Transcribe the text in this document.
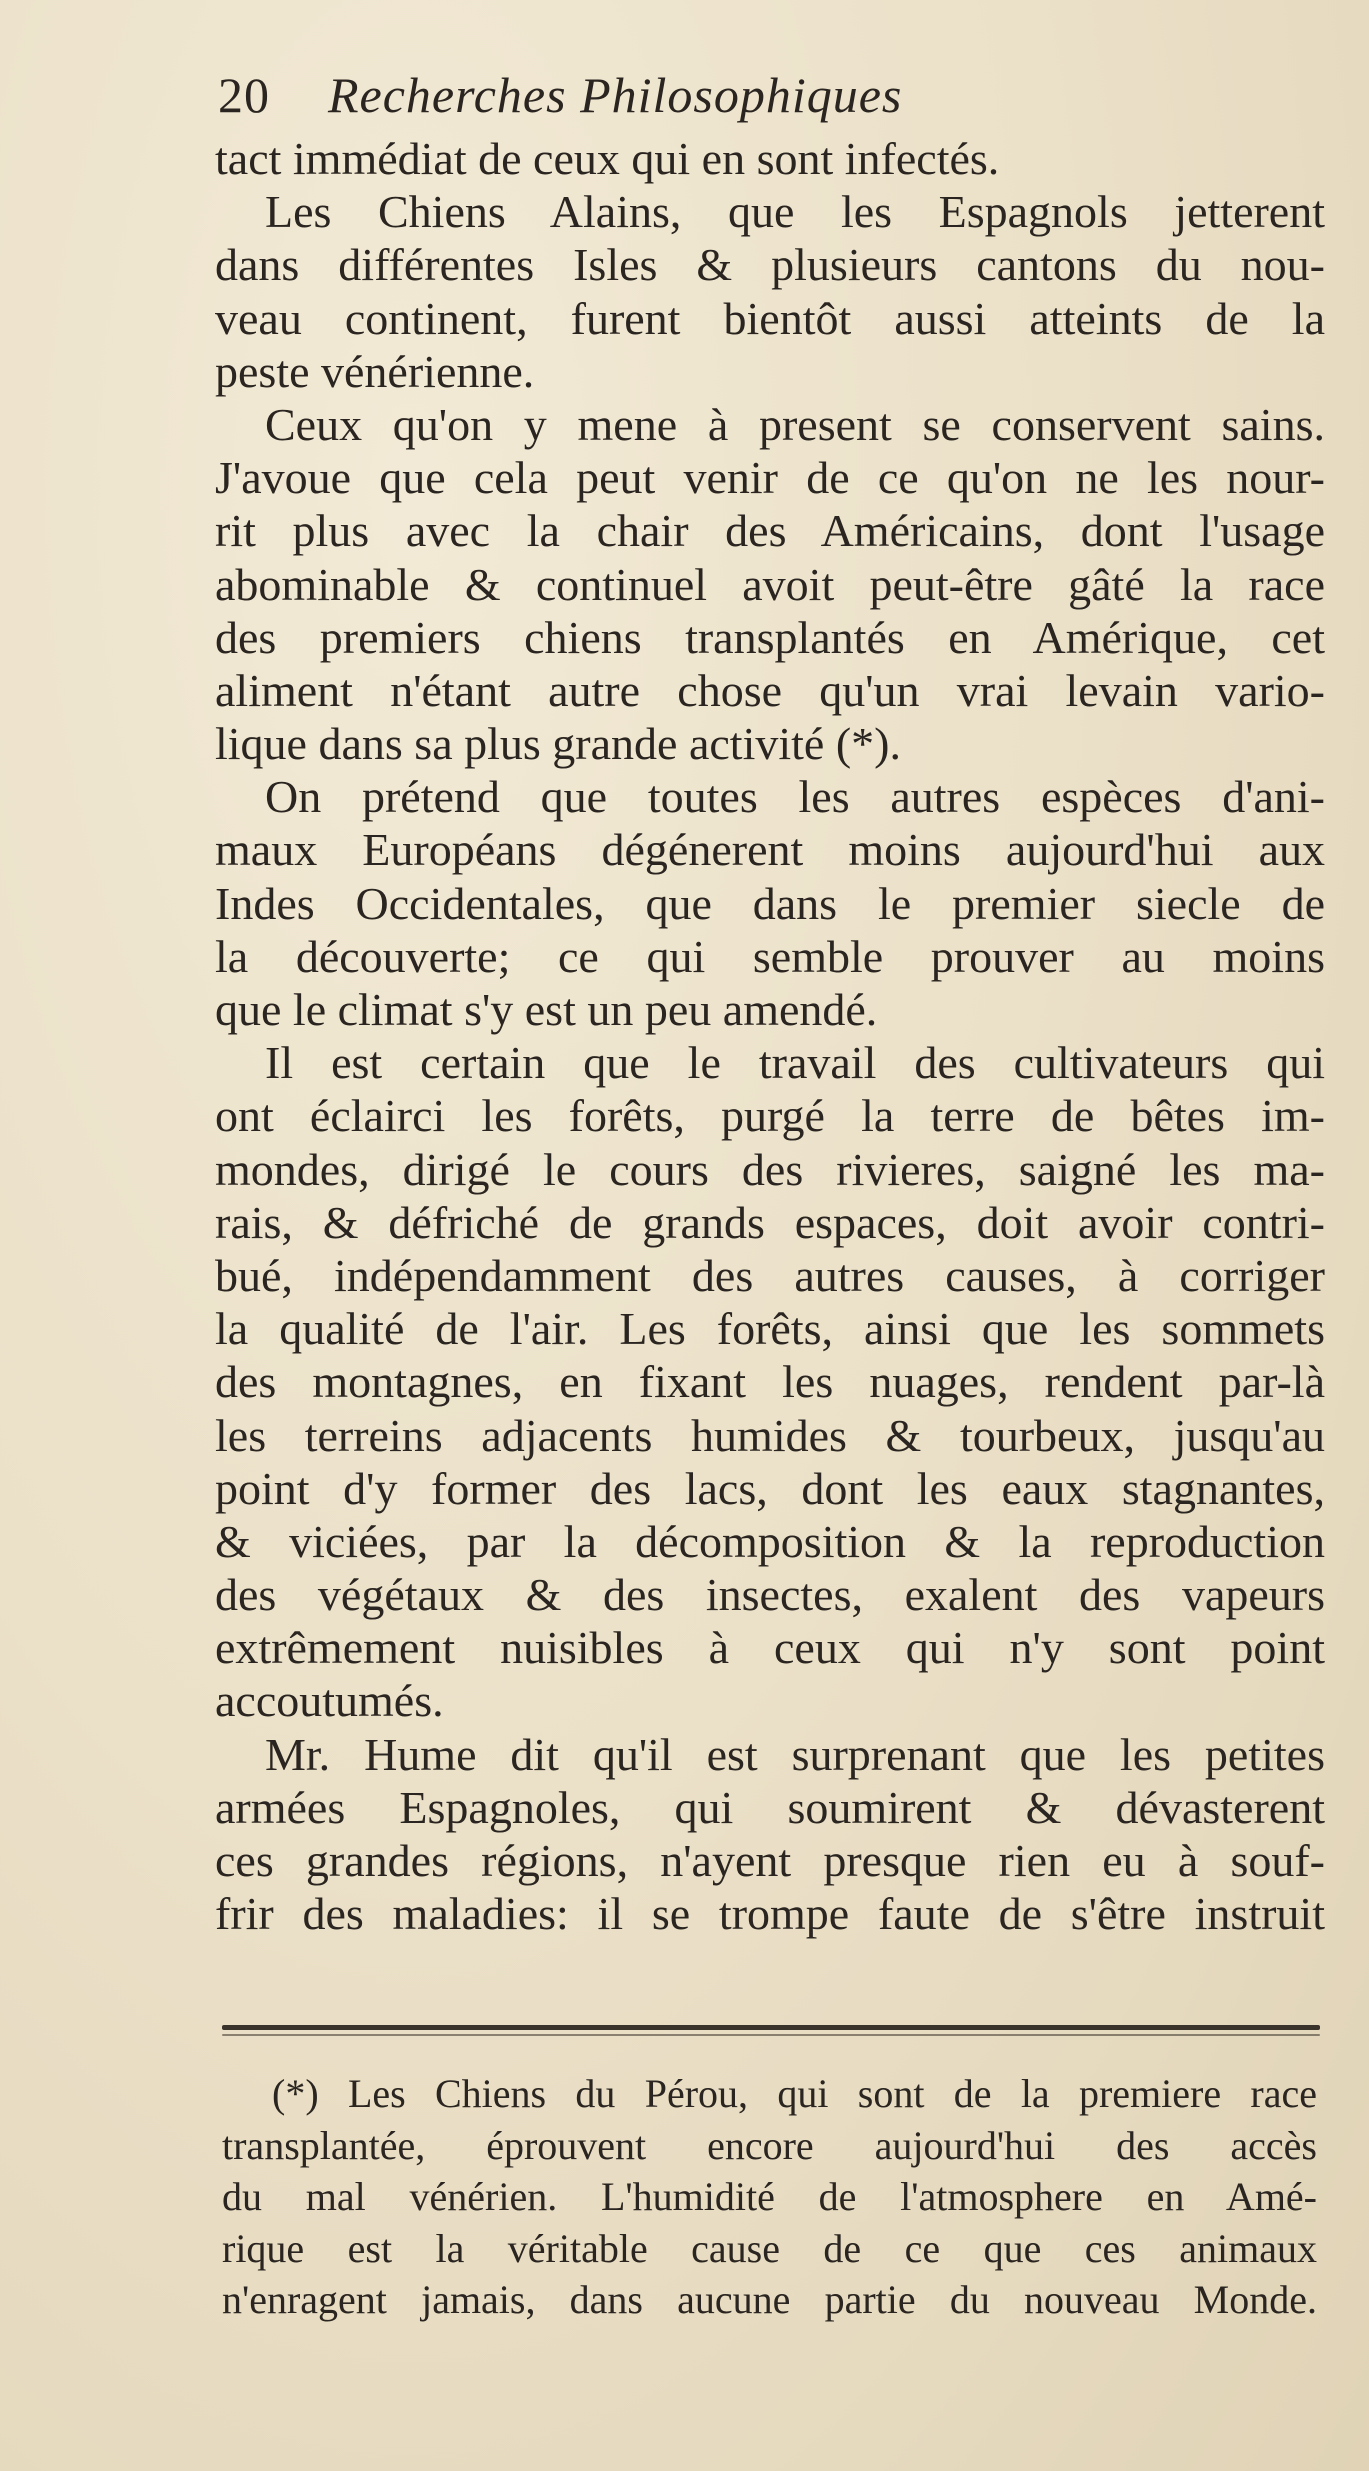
20 Recherches Philosophiques
tact immédiat de ceux qui en sont infectés.
Les Chiens Alains, que les Espagnols jetterent
dans différentes Isles & plusieurs cantons du nou-
veau continent, furent bientôt aussi atteints de la
peste vénérienne.
Ceux qu'on y mene à present se conservent sains.
J'avoue que cela peut venir de ce qu'on ne les nour-
rit plus avec la chair des Américains, dont l'usage
abominable & continuel avoit peut-être gâté la race
des premiers chiens transplantés en Amérique, cet
aliment n'étant autre chose qu'un vrai levain vario-
lique dans sa plus grande activité (*).
On prétend que toutes les autres espèces d'ani-
maux Européans dégénerent moins aujourd'hui aux
Indes Occidentales, que dans le premier siecle de
la découverte; ce qui semble prouver au moins
que le climat s'y est un peu amendé.
Il est certain que le travail des cultivateurs qui
ont éclairci les forêts, purgé la terre de bêtes im-
mondes, dirigé le cours des rivieres, saigné les ma-
rais, & défriché de grands espaces, doit avoir contri-
bué, indépendamment des autres causes, à corriger
la qualité de l'air. Les forêts, ainsi que les sommets
des montagnes, en fixant les nuages, rendent par-là
les terreins adjacents humides & tourbeux, jusqu'au
point d'y former des lacs, dont les eaux stagnantes,
& viciées, par la décomposition & la reproduction
des végétaux & des insectes, exalent des vapeurs
extrêmement nuisibles à ceux qui n'y sont point
accoutumés.
Mr. Hume dit qu'il est surprenant que les petites
armées Espagnoles, qui soumirent & dévasterent
ces grandes régions, n'ayent presque rien eu à souf-
frir des maladies: il se trompe faute de s'être instruit
(*) Les Chiens du Pérou, qui sont de la premiere race
transplantée, éprouvent encore aujourd'hui des accès
du mal vénérien. L'humidité de l'atmosphere en Amé-
rique est la véritable cause de ce que ces animaux
n'enragent jamais, dans aucune partie du nouveau Monde.
